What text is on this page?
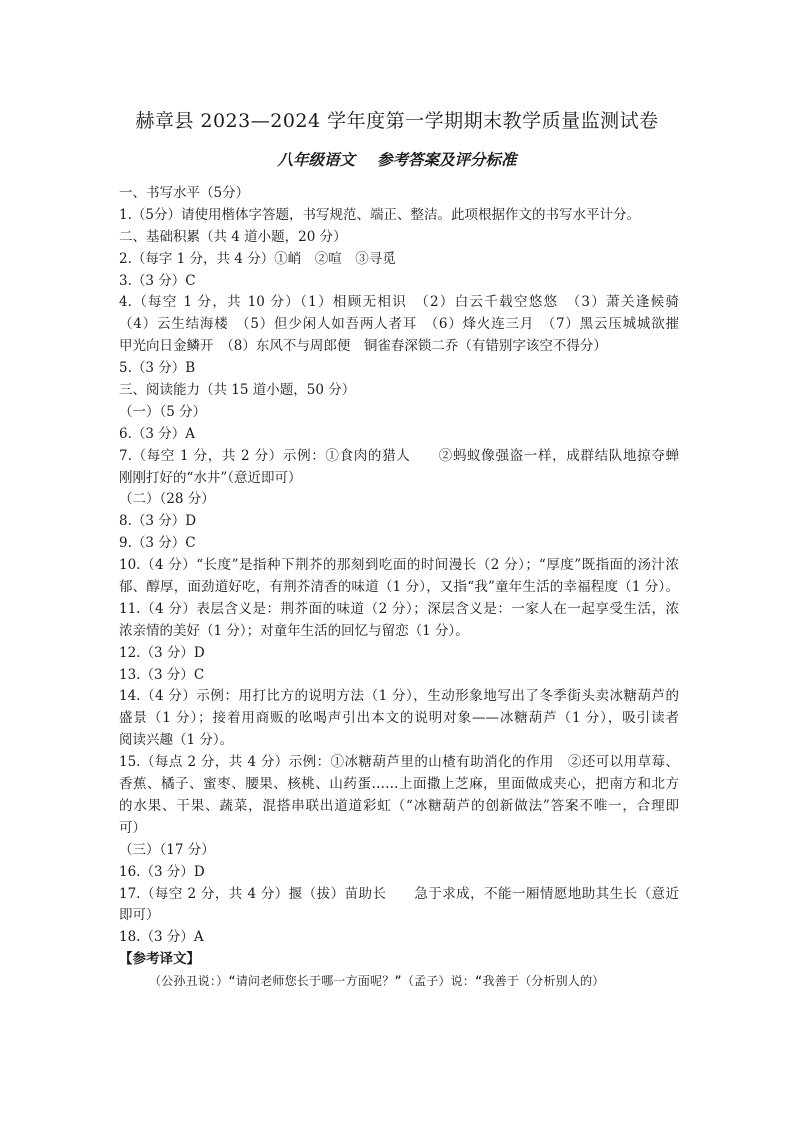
赫章县 2023—2024 学年度第一学期期末教学质量监测试卷
八年级语文 参考答案及评分标准
一、书写水平（5分）
1.（5分）请使用楷体字答题，书写规范、端正、整洁。此项根据作文的书写水平计分。
二、基础积累（共 4 道小题，20 分）
2.（每字 1 分，共 4 分）①峭　②喧　③寻觅
3.（3 分）C
4.（每空 1 分，共 10 分）（1）相顾无相识　（2）白云千载空悠悠　（3）萧关逢候骑
（4）云生结海楼　（5）但少闲人如吾两人者耳　（6）烽火连三月　（7）黑云压城城欲摧
甲光向日金鳞开　（8）东风不与周郎便　铜雀春深锁二乔（有错别字该空不得分）
5.（3 分）B
三、阅读能力（共 15 道小题，50 分）
（一）（5 分）
6.（3 分）A
7.（每空 1 分，共 2 分）示例：①食肉的猎人　　②蚂蚁像强盗一样，成群结队地掠夺蝉
刚刚打好的“水井”（意近即可）
（二）（28 分）
8.（3 分）D
9.（3 分）C
10.（4 分）“长度”是指种下荆芥的那刻到吃面的时间漫长（2 分）；“厚度”既指面的汤汁浓
郁、醇厚，面劲道好吃，有荆芥清香的味道（1 分），又指“我”童年生活的幸福程度（1 分）。
11.（4 分）表层含义是：荆芥面的味道（2 分）；深层含义是：一家人在一起享受生活，浓
浓亲情的美好（1 分）；对童年生活的回忆与留恋（1 分）。
12.（3 分）D
13.（3 分）C
14.（4 分）示例：用打比方的说明方法（1 分），生动形象地写出了冬季街头卖冰糖葫芦的
盛景（1 分）；接着用商贩的吆喝声引出本文的说明对象——冰糖葫芦（1 分），吸引读者
阅读兴趣（1 分）。
15.（每点 2 分，共 4 分）示例：①冰糖葫芦里的山楂有助消化的作用　②还可以用草莓、
香蕉、橘子、蜜枣、腰果、核桃、山药蛋……上面撒上芝麻，里面做成夹心，把南方和北方
的水果、干果、蔬菜，混搭串联出道道彩虹（“冰糖葫芦的创新做法”答案不唯一，合理即
可）
（三）（17 分）
16.（3 分）D
17.（每空 2 分，共 4 分）揠（拔）苗助长　　急于求成，不能一厢情愿地助其生长（意近
即可）
18.（3 分）A
【参考译文】
（公孙丑说：）“请问老师您长于哪一方面呢？”（孟子）说：“我善于（分析别人的）
